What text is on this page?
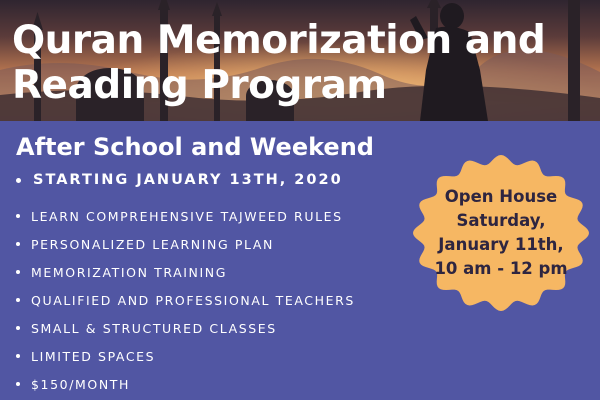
Quran Memorization and
Reading Program
After School and Weekend
STARTING JANUARY 13TH, 2020
LEARN COMPREHENSIVE TAJWEED RULES
PERSONALIZED LEARNING PLAN
MEMORIZATION TRAINING
QUALIFIED AND PROFESSIONAL TEACHERS
SMALL & STRUCTURED CLASSES
LIMITED SPACES
$150/MONTH
Open House
Saturday,
January 11th,
10 am - 12 pm
